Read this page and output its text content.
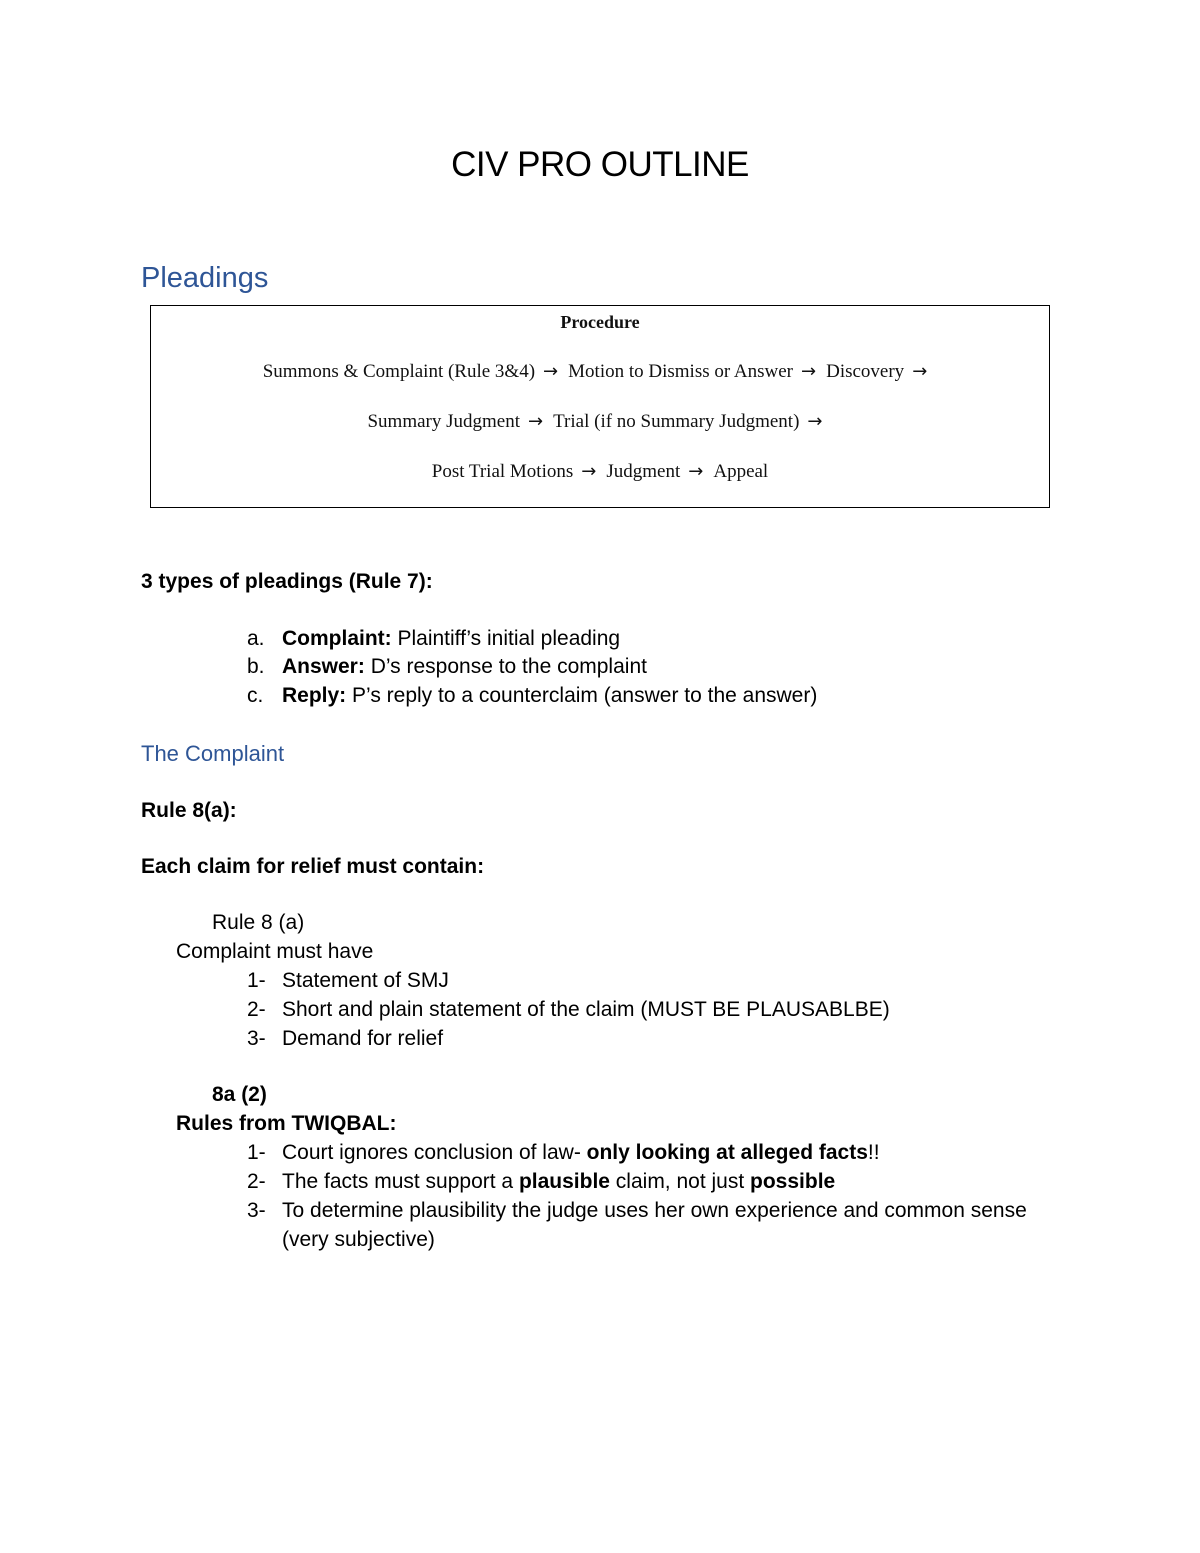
CIV PRO OUTLINE
Pleadings
Procedure
Summons & Complaint (Rule 3&4) → Motion to Dismiss or Answer → Discovery →
Summary Judgment → Trial (if no Summary Judgment) →
Post Trial Motions → Judgment → Appeal
3 types of pleadings (Rule 7):
a. Complaint: Plaintiff’s initial pleading
b. Answer: D’s response to the complaint
c. Reply: P’s reply to a counterclaim (answer to the answer)
The Complaint
Rule 8(a):
Each claim for relief must contain:
Rule 8 (a)
Complaint must have
1- Statement of SMJ
2- Short and plain statement of the claim (MUST BE PLAUSABLBE)
3- Demand for relief
8a (2)
Rules from TWIQBAL:
1- Court ignores conclusion of law- only looking at alleged facts!!
2- The facts must support a plausible claim, not just possible
3- To determine plausibility the judge uses her own experience and common sense
(very subjective)
